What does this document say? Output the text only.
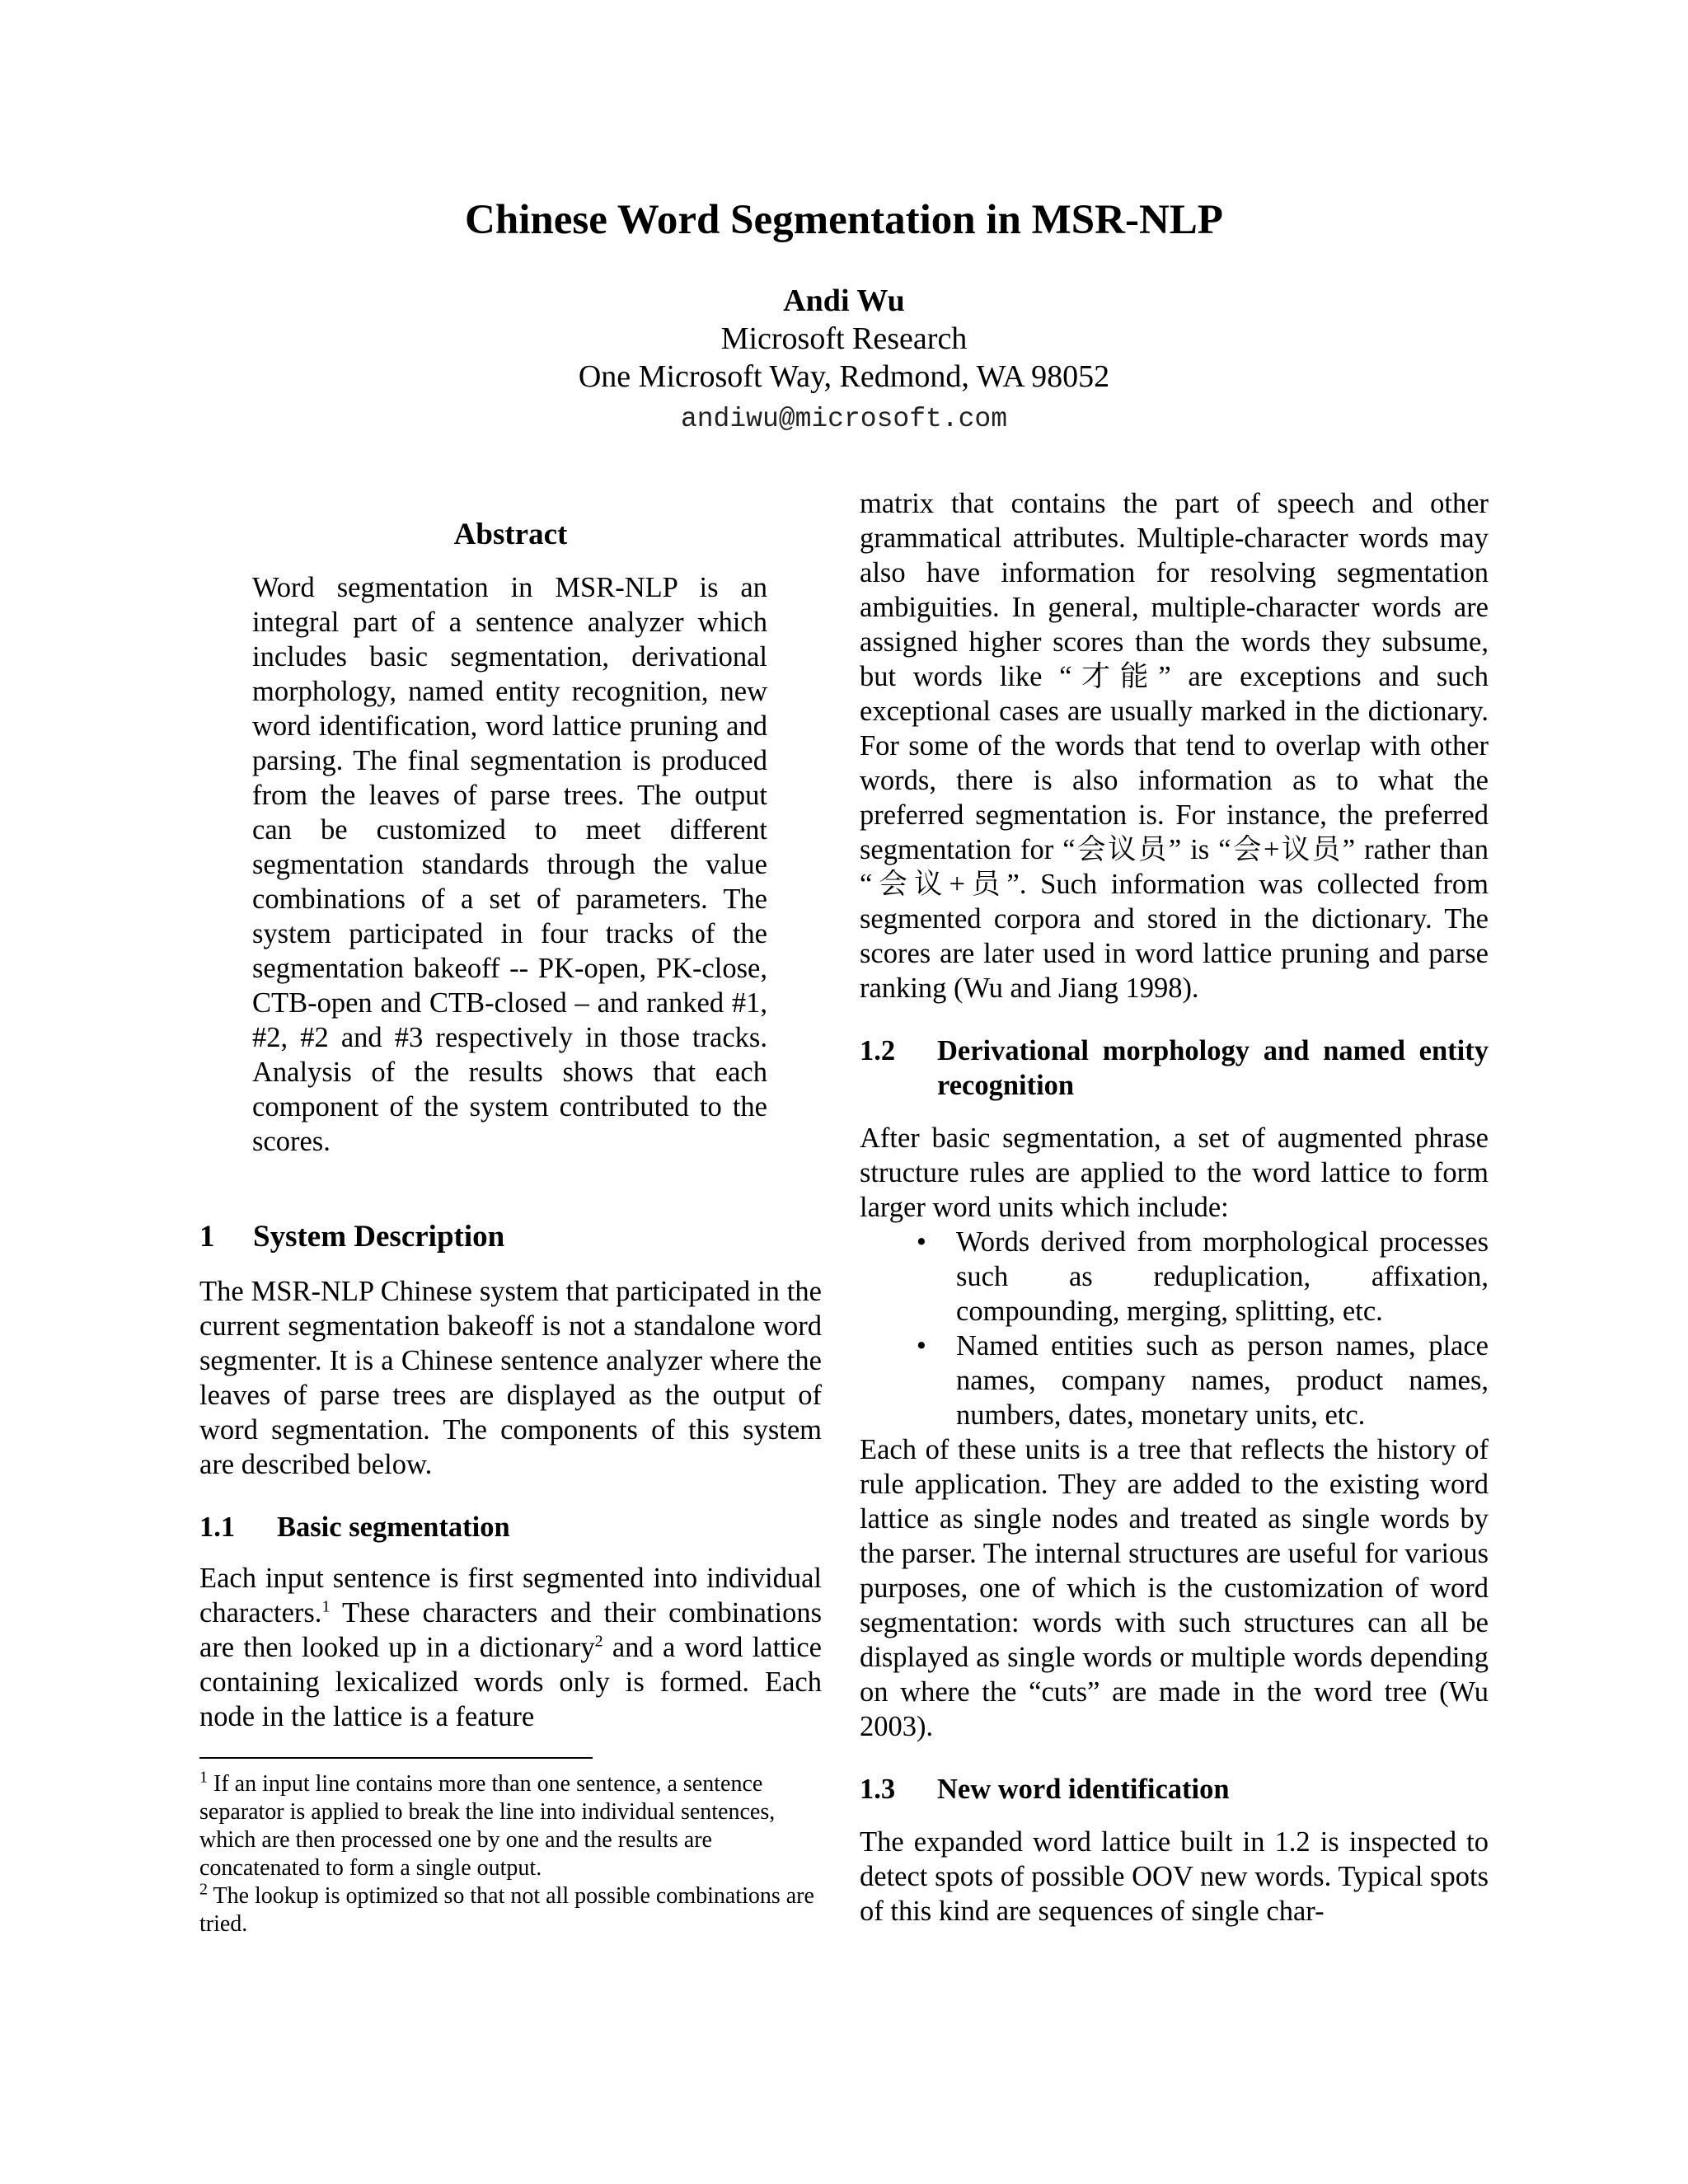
Chinese Word Segmentation in MSR-NLP
Andi Wu
Microsoft Research
One Microsoft Way, Redmond, WA 98052
andiwu@microsoft.com
Abstract

Word segmentation in MSR-NLP is an integral part of a sentence analyzer which includes basic segmentation, derivational morphology, named entity recognition, new word identification, word lattice pruning and parsing. The final segmentation is produced from the leaves of parse trees. The output can be customized to meet different segmentation standards through the value combinations of a set of parameters. The system participated in four tracks of the segmentation bakeoff -- PK-open, PK-close, CTB-open and CTB-closed – and ranked #1, #2, #2 and #3 respectively in those tracks. Analysis of the results shows that each component of the system contributed to the scores.

1	System Description

The MSR-NLP Chinese system that participated in the current segmentation bakeoff is not a standalone word segmenter. It is a Chinese sentence analyzer where the leaves of parse trees are displayed as the output of word segmentation. The components of this system are described below.

1.1	Basic segmentation

Each input sentence is first segmented into individual characters.$^1$ These characters and their combinations are then looked up in a dictionary$^2$ and a word lattice containing lexicalized words only is formed. Each node in the lattice is a feature

$^1$ If an input line contains more than one sentence, a sentence separator is applied to break the line into individual sentences, which are then processed one by one and the results are concatenated to form a single output.

$^2$ The lookup is optimized so that not all possible combinations are tried.

matrix that contains the part of speech and other grammatical attributes. Multiple-character words may also have information for resolving segmentation ambiguities. In general, multiple-character words are assigned higher scores than the words they subsume, but words like “才能” are exceptions and such exceptional cases are usually marked in the dictionary. For some of the words that tend to overlap with other words, there is also information as to what the preferred segmentation is. For instance, the preferred segmentation for “会议员” is “会+议员” rather than “会议+员”. Such information was collected from segmented corpora and stored in the dictionary. The scores are later used in word lattice pruning and parse ranking (Wu and Jiang 1998).

1.2	Derivational morphology and named entity recognition

After basic segmentation, a set of augmented phrase structure rules are applied to the word lattice to form larger word units which include:

•	Words derived from morphological processes such as reduplication, affixation, compounding, merging, splitting, etc.
•	Named entities such as person names, place names, company names, product names, numbers, dates, monetary units, etc.

Each of these units is a tree that reflects the history of rule application. They are added to the existing word lattice as single nodes and treated as single words by the parser. The internal structures are useful for various purposes, one of which is the customization of word segmentation: words with such structures can all be displayed as single words or multiple words depending on where the “cuts” are made in the word tree (Wu 2003).

1.3	New word identification

The expanded word lattice built in 1.2 is inspected to detect spots of possible OOV new words. Typical spots of this kind are sequences of single char-
